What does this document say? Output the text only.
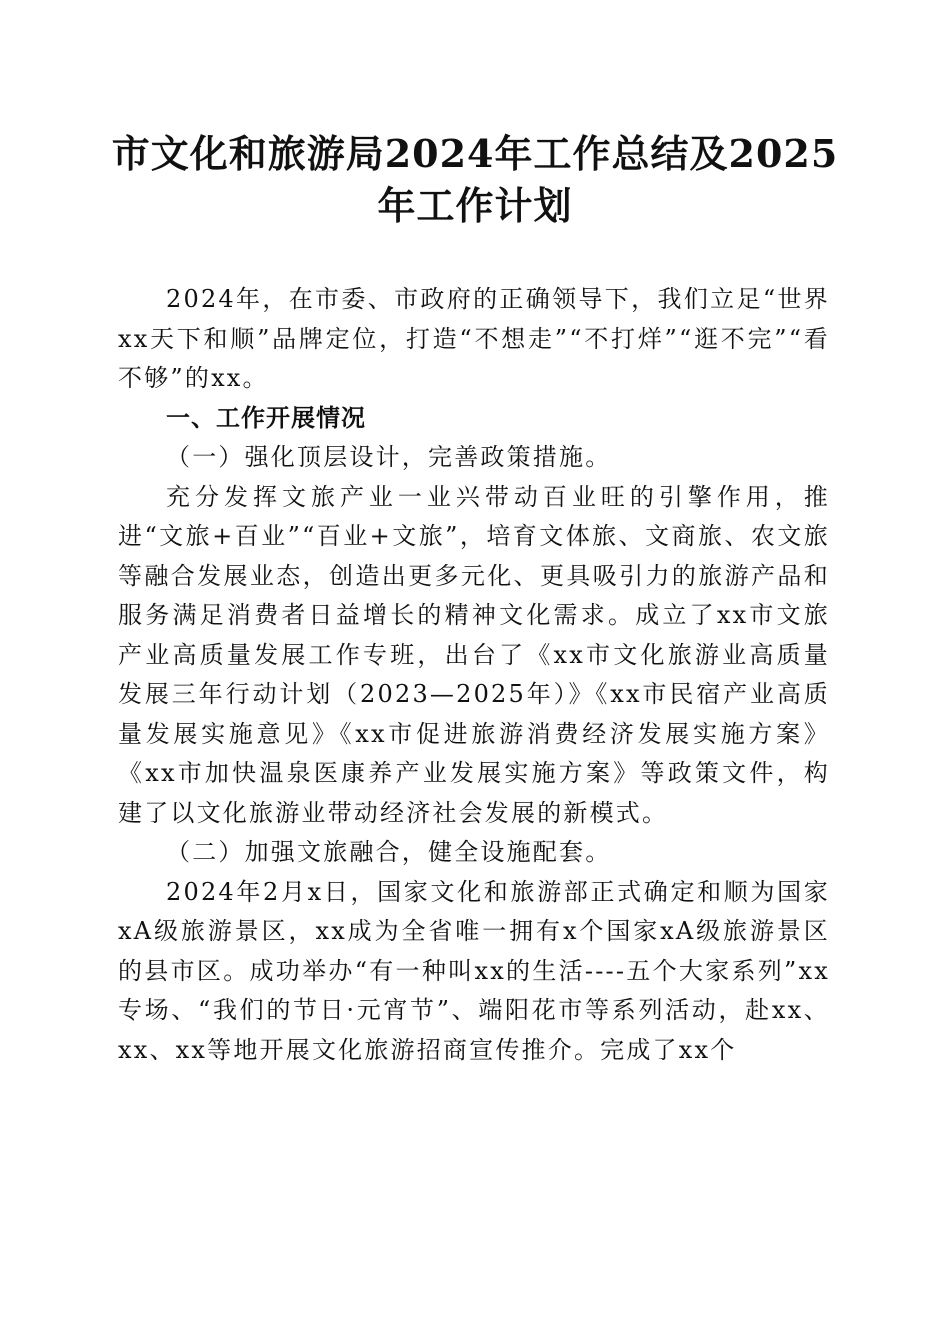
市文化和旅游局2024年工作总结及2025年工作计划

2024年，在市委、市政府的正确领导下，我们立足“世界xx天下和顺”品牌定位，打造“不想走”“不打烊”“逛不完”“看不够”的xx。

一、工作开展情况
（一）强化顶层设计，完善政策措施。

充分发挥文旅产业一业兴带动百业旺的引擎作用，推进“文旅+百业”“百业+文旅”，培育文体旅、文商旅、农文旅等融合发展业态，创造出更多元化、更具吸引力的旅游产品和服务满足消费者日益增长的精神文化需求。成立了xx市文旅产业高质量发展工作专班，出台了《xx市文化旅游业高质量发展三年行动计划（2023—2025年）》《xx市民宿产业高质量发展实施意见》《xx市促进旅游消费经济发展实施方案》《xx市加快温泉医康养产业发展实施方案》等政策文件，构建了以文化旅游业带动经济社会发展的新模式。

（二）加强文旅融合，健全设施配套。

2024年2月x日，国家文化和旅游部正式确定和顺为国家xA级旅游景区，xx成为全省唯一拥有x个国家xA级旅游景区的县市区。成功举办“有一种叫xx的生活----五个大家系列”xx专场、“我们的节日·元宵节”、端阳花市等系列活动，赴xx、xx、xx等地开展文化旅游招商宣传推介。完成了xx个
